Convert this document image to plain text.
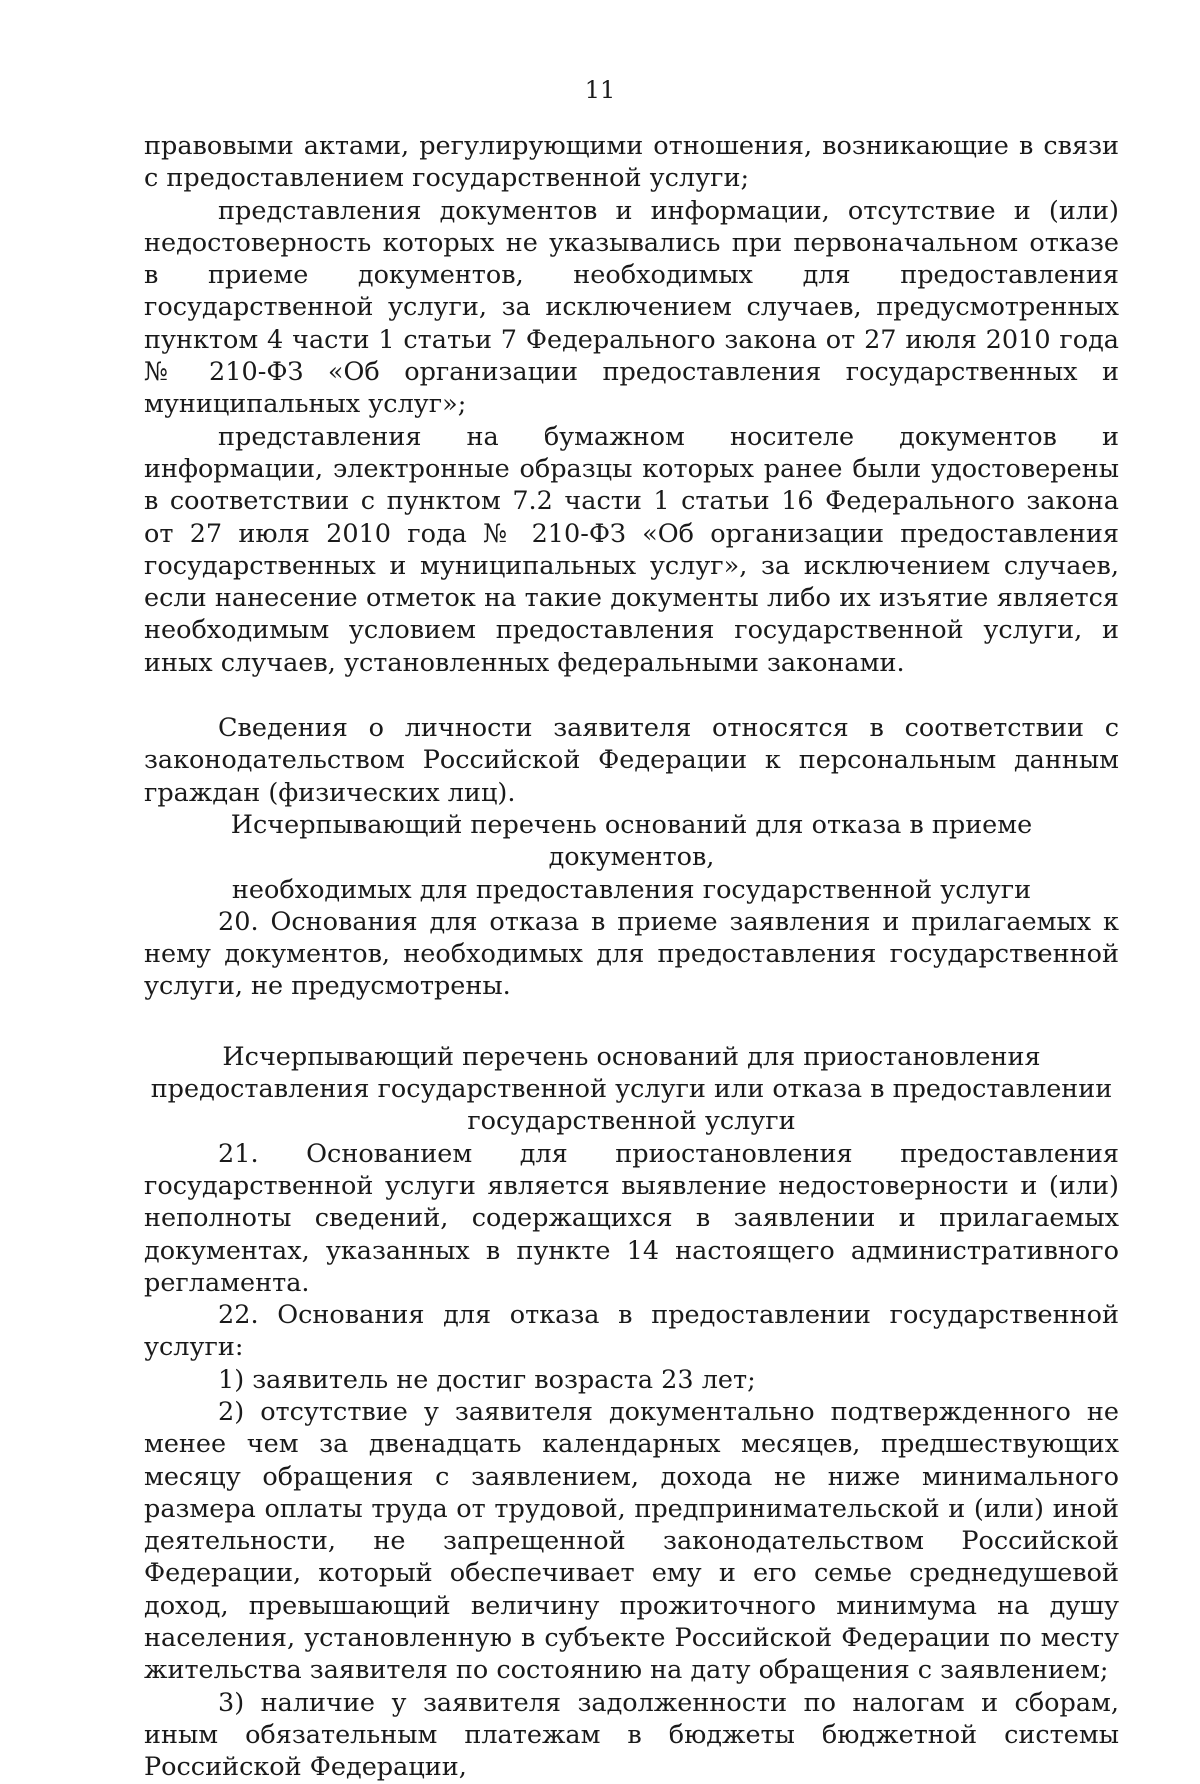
11

правовыми актами, регулирующими отношения, возникающие в связи с предоставлением государственной услуги;

представления документов и информации, отсутствие и (или) недостоверность которых не указывались при первоначальном отказе в приеме документов, необходимых для предоставления государственной услуги, за исключением случаев, предусмотренных пунктом 4 части 1 статьи 7 Федерального закона от 27 июля 2010 года № 210-ФЗ «Об организации предоставления государственных и муниципальных услуг»;

представления на бумажном носителе документов и информации, электронные образцы которых ранее были удостоверены в соответствии с пунктом 7.2 части 1 статьи 16 Федерального закона от 27 июля 2010 года № 210-ФЗ «Об организации предоставления государственных и муниципальных услуг», за исключением случаев, если нанесение отметок на такие документы либо их изъятие является необходимым условием предоставления государственной услуги, и иных случаев, установленных федеральными законами.

Сведения о личности заявителя относятся в соответствии с законодательством Российской Федерации к персональным данным граждан (физических лиц).

Исчерпывающий перечень оснований для отказа в приеме документов,
необходимых для предоставления государственной услуги

20. Основания для отказа в приеме заявления и прилагаемых к нему документов, необходимых для предоставления государственной услуги, не предусмотрены.

Исчерпывающий перечень оснований для приостановления
предоставления государственной услуги или отказа в предоставлении
государственной услуги

21. Основанием для приостановления предоставления государственной услуги является выявление недостоверности и (или) неполноты сведений, содержащихся в заявлении и прилагаемых документах, указанных в пункте 14 настоящего административного регламента.

22. Основания для отказа в предоставлении государственной услуги:

1) заявитель не достиг возраста 23 лет;

2) отсутствие у заявителя документально подтвержденного не менее чем за двенадцать календарных месяцев, предшествующих месяцу обращения с заявлением, дохода не ниже минимального размера оплаты труда от трудовой, предпринимательской и (или) иной деятельности, не запрещенной законодательством Российской Федерации, который обеспечивает ему и его семье среднедушевой доход, превышающий величину прожиточного минимума на душу населения, установленную в субъекте Российской Федерации по месту жительства заявителя по состоянию на дату обращения с заявлением;

3) наличие у заявителя задолженности по налогам и сборам, иным обязательным платежам в бюджеты бюджетной системы Российской Федерации,
